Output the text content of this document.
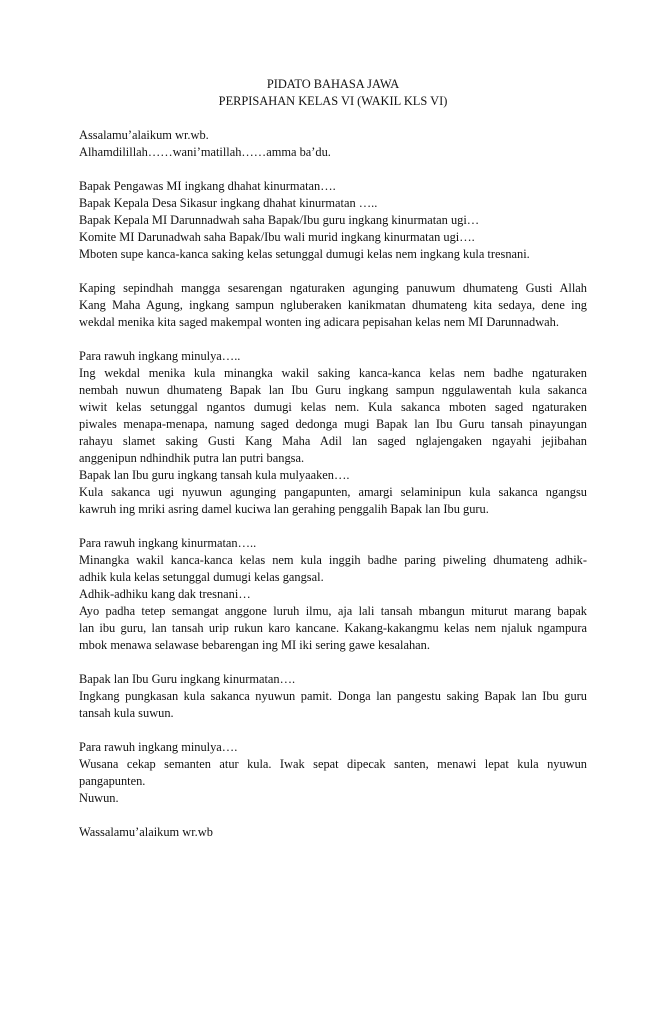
PIDATO BAHASA JAWA

PERPISAHAN KELAS VI (WAKIL KLS VI)

Assalamu’alaikum wr.wb.
Alhamdilillah……wani’matillah……amma ba’du.
Bapak Pengawas MI ingkang dhahat kinurmatan….
Bapak Kepala Desa Sikasur ingkang dhahat kinurmatan …..
Bapak Kepala MI Darunnadwah saha Bapak/Ibu guru ingkang kinurmatan ugi…
Komite MI Darunadwah saha Bapak/Ibu wali murid ingkang kinurmatan ugi….
Mboten supe kanca-kanca saking kelas setunggal dumugi kelas nem ingkang kula tresnani.
Kaping sepindhah mangga sesarengan ngaturaken agunging panuwum dhumateng Gusti Allah
Kang Maha Agung, ingkang sampun ngluberaken kanikmatan dhumateng kita sedaya, dene ing
wekdal menika kita saged makempal wonten ing adicara pepisahan kelas nem MI Darunnadwah.
Para rawuh ingkang minulya…..
Ing wekdal menika kula minangka wakil saking kanca-kanca kelas nem badhe ngaturaken
nembah nuwun dhumateng Bapak lan Ibu Guru ingkang sampun nggulawentah kula sakanca
wiwit kelas setunggal ngantos dumugi kelas nem. Kula sakanca mboten saged ngaturaken
piwales menapa-menapa, namung saged dedonga mugi Bapak lan Ibu Guru tansah pinayungan
rahayu slamet saking Gusti Kang Maha Adil lan saged nglajengaken ngayahi jejibahan
anggenipun ndhindhik putra lan putri bangsa.
Bapak lan Ibu guru ingkang tansah kula mulyaaken….
Kula sakanca ugi nyuwun agunging pangapunten, amargi selaminipun kula sakanca ngangsu
kawruh ing mriki asring damel kuciwa lan gerahing penggalih Bapak lan Ibu guru.
Para rawuh ingkang kinurmatan…..
Minangka wakil kanca-kanca kelas nem kula inggih badhe paring piweling dhumateng adhik-
adhik kula kelas setunggal dumugi kelas gangsal.
Adhik-adhiku kang dak tresnani…
Ayo padha tetep semangat anggone luruh ilmu, aja lali tansah mbangun miturut marang bapak
lan ibu guru, lan tansah urip rukun karo kancane. Kakang-kakangmu kelas nem njaluk ngampura
mbok menawa selawase bebarengan ing MI iki sering gawe kesalahan.
Bapak lan Ibu Guru ingkang kinurmatan….
Ingkang pungkasan kula sakanca nyuwun pamit. Donga lan pangestu saking Bapak lan Ibu guru
tansah kula suwun.
Para rawuh ingkang minulya….
Wusana cekap semanten atur kula. Iwak sepat dipecak santen, menawi lepat kula nyuwun
pangapunten.
Nuwun.
Wassalamu’alaikum wr.wb
